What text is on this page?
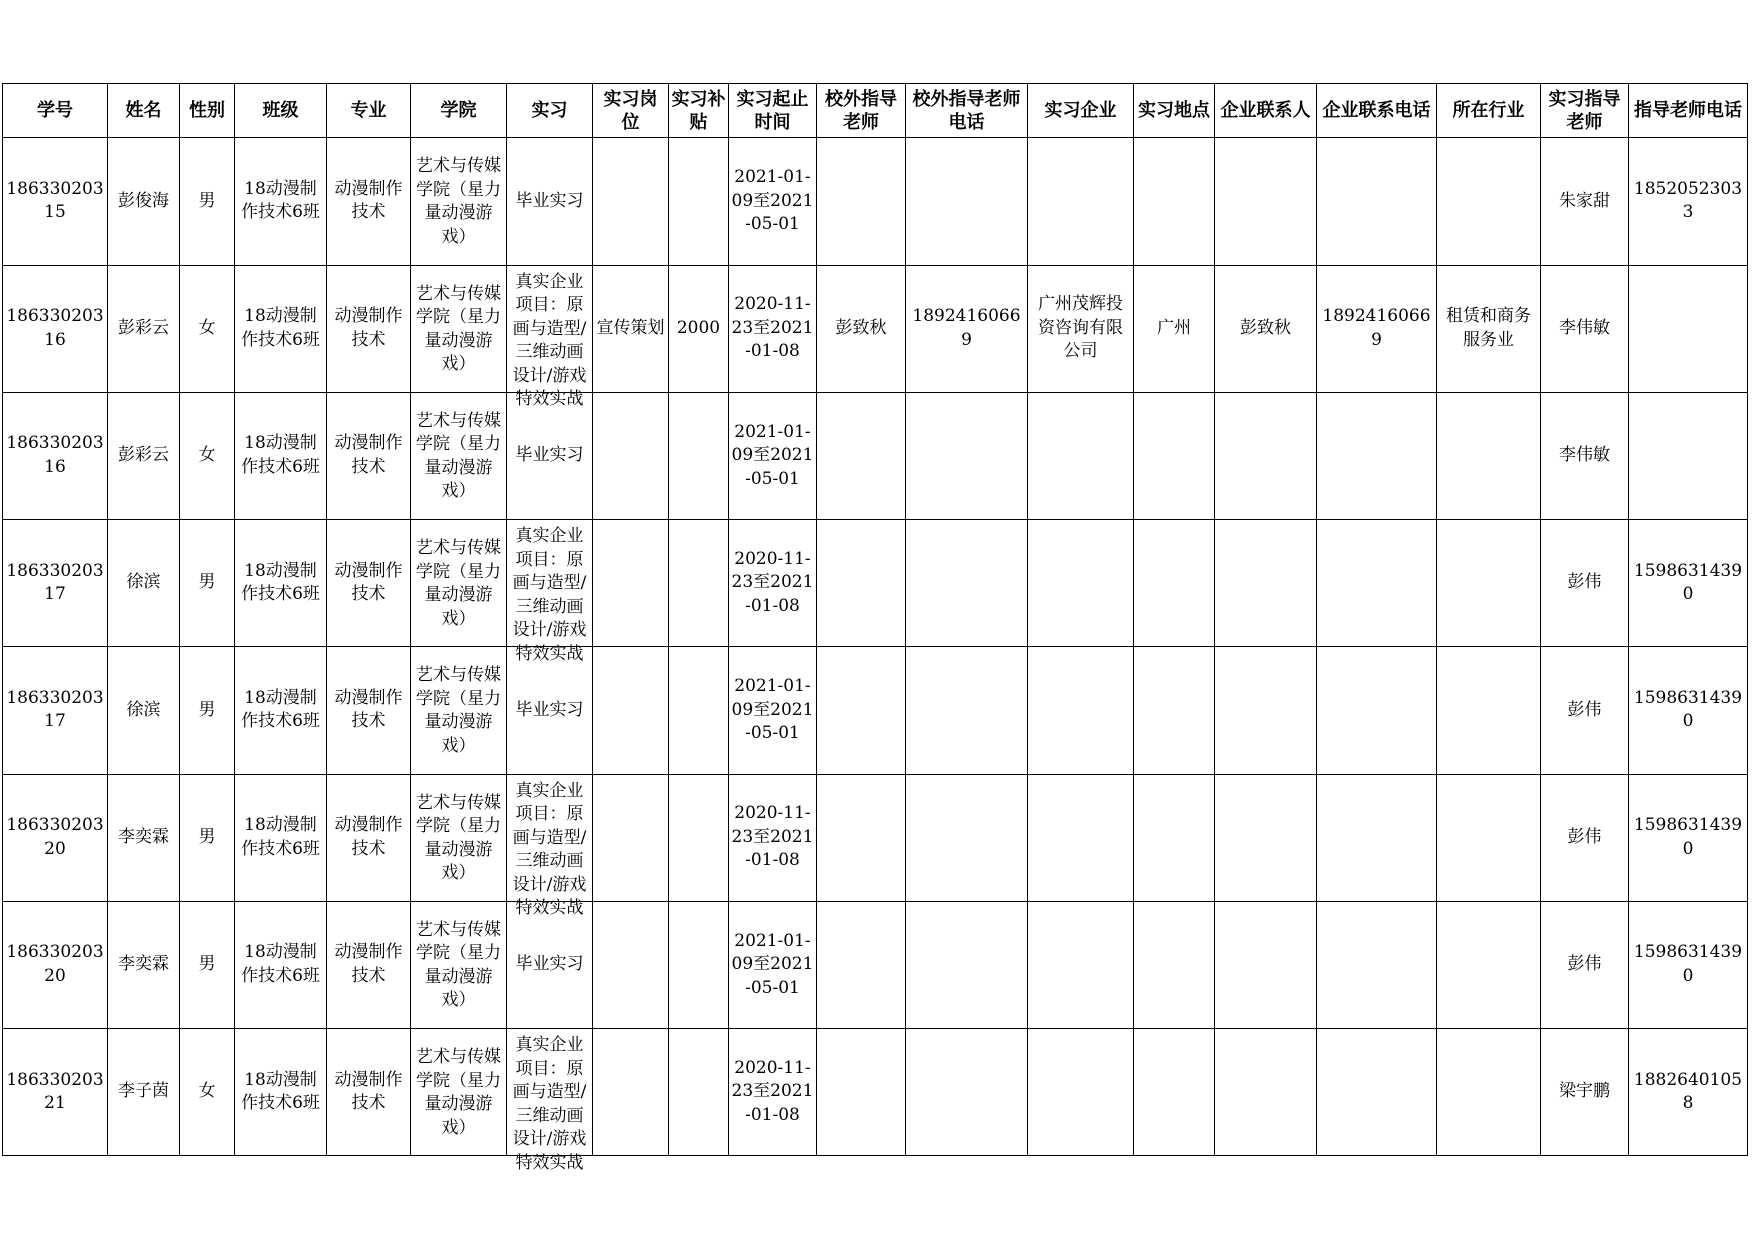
学号	姓名	性别	班级	专业	学院	实习	实习岗位	实习补贴	实习起止时间	校外指导老师	校外指导老师电话	实习企业	实习地点	企业联系人	企业联系电话	所在行业	实习指导老师	指导老师电话
18633020315	彭俊海	男	18动漫制作技术6班	动漫制作技术	艺术与传媒学院（星力量动漫游戏）	毕业实习			2021-01-09至2021-05-01								朱家甜	18520523033
18633020316	彭彩云	女	18动漫制作技术6班	动漫制作技术	艺术与传媒学院（星力量动漫游戏）	真实企业项目：原画与造型/三维动画设计/游戏特效实战	宣传策划	2000	2020-11-23至2021-01-08	彭致秋	18924160669	广州茂辉投资咨询有限公司	广州	彭致秋	18924160669	租赁和商务服务业	李伟敏	
18633020316	彭彩云	女	18动漫制作技术6班	动漫制作技术	艺术与传媒学院（星力量动漫游戏）	毕业实习			2021-01-09至2021-05-01								李伟敏	
18633020317	徐滨	男	18动漫制作技术6班	动漫制作技术	艺术与传媒学院（星力量动漫游戏）	真实企业项目：原画与造型/三维动画设计/游戏特效实战			2020-11-23至2021-01-08								彭伟	15986314390
18633020317	徐滨	男	18动漫制作技术6班	动漫制作技术	艺术与传媒学院（星力量动漫游戏）	毕业实习			2021-01-09至2021-05-01								彭伟	15986314390
18633020320	李奕霖	男	18动漫制作技术6班	动漫制作技术	艺术与传媒学院（星力量动漫游戏）	真实企业项目：原画与造型/三维动画设计/游戏特效实战			2020-11-23至2021-01-08								彭伟	15986314390
18633020320	李奕霖	男	18动漫制作技术6班	动漫制作技术	艺术与传媒学院（星力量动漫游戏）	毕业实习			2021-01-09至2021-05-01								彭伟	15986314390
18633020321	李子茵	女	18动漫制作技术6班	动漫制作技术	艺术与传媒学院（星力量动漫游戏）	真实企业项目：原画与造型/三维动画设计/游戏特效实战			2020-11-23至2021-01-08								梁宇鹏	18826401058
